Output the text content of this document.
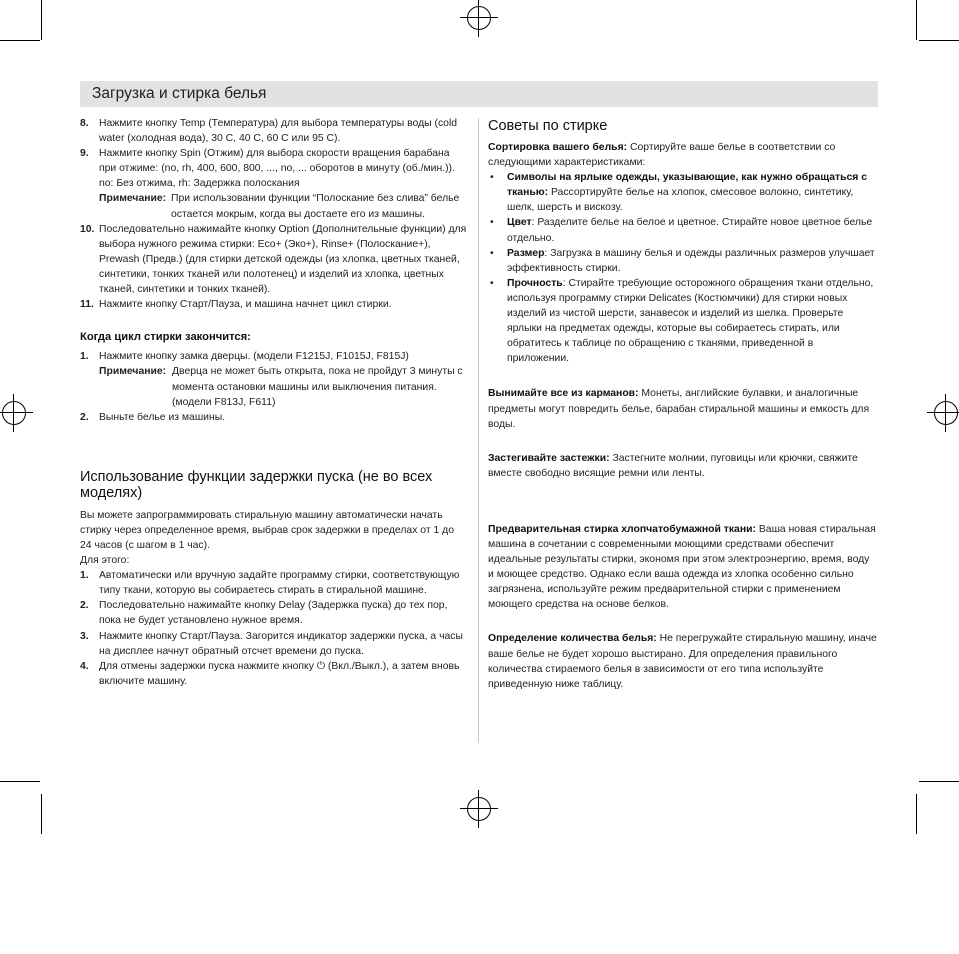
Загрузка и стирка белья
8. Нажмите кнопку Temp (Температура) для выбора температуры воды (cold water (холодная вода), 30 C, 40 C, 60 C или 95 C).
9. Нажмите кнопку Spin (Отжим) для выбора скорости вращения барабана при отжиме: (no, rh, 400, 600, 800, ..., no, ... оборотов в минуту (об./мин.)).
no: Без отжима, rh: Задержка полоскания
Примечание: При использовании функции “Полоскание без слива” белье остается мокрым, когда вы достаете его из машины.
10. Последовательно нажимайте кнопку Option (Дополнительные функции) для выбора нужного режима стирки: Eco+ (Эко+), Rinse+ (Полоскание+), Prewash (Предв.) (для стирки детской одежды (из хлопка, цветных тканей, синтетики, тонких тканей или полотенец) и изделий из хлопка, цветных тканей, синтетики и тонких тканей).
11. Нажмите кнопку Старт/Пауза, и машина начнет цикл стирки.
Когда цикл стирки закончится:
1. Нажмите кнопку замка дверцы. (модели F1215J, F1015J, F815J)
Примечание: Дверца не может быть открыта, пока не пройдут 3 минуты с момента остановки машины или выключения питания. (модели F813J, F611)
2. Выньте белье из машины.
Использование функции задержки пуска (не во всех моделях)

Вы можете запрограммировать стиральную машину автоматически начать стирку через определенное время, выбрав срок задержки в пределах от 1 до 24 часов (с шагом в 1 час).

Для этого:

1. Автоматически или вручную задайте программу стирки, соответствующую типу ткани, которую вы собираетесь стирать в стиральной машине.
2. Последовательно нажимайте кнопку Delay (Задержка пуска) до тех пор, пока не будет установлено нужное время.
3. Нажмите кнопку Старт/Пауза. Загорится индикатор задержки пуска, а часы на дисплее начнут обратный отсчет времени до пуска.
4. Для отмены задержки пуска нажмите кнопку ⏻ (Вкл./Выкл.), а затем вновь включите машину.
Советы по стирке

Сортировка вашего белья: Сортируйте ваше белье в соответствии со следующими характеристиками:

• Символы на ярлыке одежды, указывающие, как нужно обращаться с тканью: Рассортируйте белье на хлопок, смесовое волокно, синтетику, шелк, шерсть и вискозу.
• Цвет: Разделите белье на белое и цветное. Стирайте новое цветное белье отдельно.
• Размер: Загрузка в машину белья и одежды различных размеров улучшает эффективность стирки.
• Прочность: Стирайте требующие осторожного обращения ткани отдельно, используя программу стирки Delicates (Костюмчики) для стирки новых изделий из чистой шерсти, занавесок и изделий из шелка. Проверьте ярлыки на предметах одежды, которые вы собираетесь стирать, или обратитесь к таблице по обращению с тканями, приведенной в приложении.

Вынимайте все из карманов: Монеты, английские булавки, и аналогичные предметы могут повредить белье, барабан стиральной машины и емкость для воды.

Застегивайте застежки: Застегните молнии, пуговицы или крючки, свяжите вместе свободно висящие ремни или ленты.

Предварительная стирка хлопчатобумажной ткани: Ваша новая стиральная машина в сочетании с современными моющими средствами обеспечит идеальные результаты стирки, экономя при этом электроэнергию, время, воду и моющее средство. Однако если ваша одежда из хлопка особенно сильно загрязнена, используйте режим предварительной стирки с применением моющего средства на основе белков.

Определение количества белья: Не перегружайте стиральную машину, иначе ваше белье не будет хорошо выстирано. Для определения правильного количества стираемого белья в зависимости от его типа используйте приведенную ниже таблицу.
